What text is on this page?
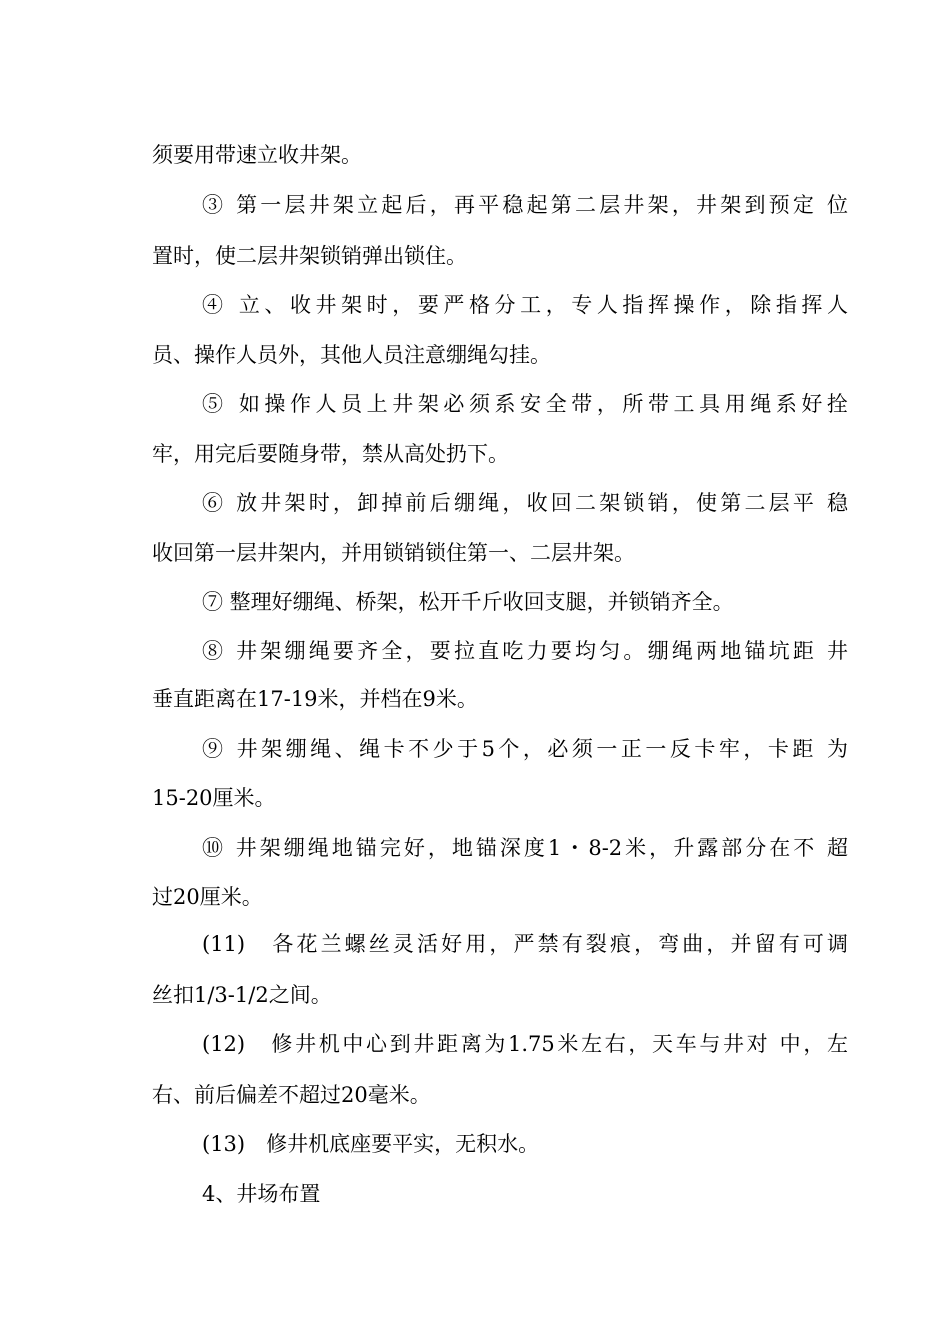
须要用带速立收井架。
③ 第一层井架立起后，再平稳起第二层井架，井架到预定 位
置时，使二层井架锁销弹出锁住。
④ 立、收井架时，要严格分工，专人指挥操作，除指挥人
员、操作人员外，其他人员注意绷绳勾挂。
⑤ 如操作人员上井架必须系安全带，所带工具用绳系好拴
牢，用完后要随身带，禁从高处扔下。
⑥ 放井架时，卸掉前后绷绳，收回二架锁销，使第二层平 稳
收回第一层井架内，并用锁销锁住第一、二层井架。
⑦ 整理好绷绳、桥架，松开千斤收回支腿，并锁销齐全。
⑧ 井架绷绳要齐全，要拉直吃力要均匀。绷绳两地锚坑距 井
垂直距离在17-19米，并档在9米。
⑨ 井架绷绳、绳卡不少于5个，必须一正一反卡牢，卡距 为
15-20厘米。
⑩ 井架绷绳地锚完好，地锚深度1・8-2米，升露部分在不 超
过20厘米。
(11)　各花兰螺丝灵活好用，严禁有裂痕，弯曲，并留有可调
丝扣1/3-1/2之间。
(12)　修井机中心到井距离为1.75米左右，天车与井对 中，左
右、前后偏差不超过20毫米。
(13)　修井机底座要平实，无积水。
4、井场布置
